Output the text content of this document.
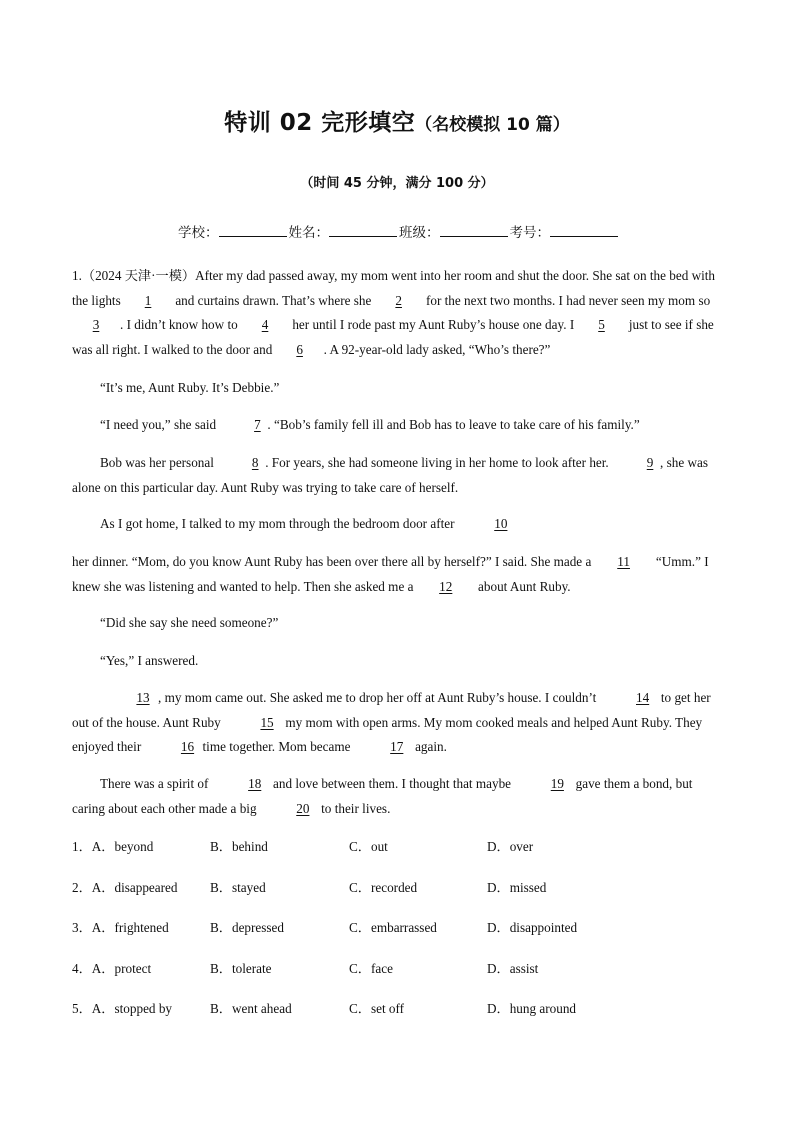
特训 02 完形填空（名校模拟 10 篇）
（时间 45 分钟，满分 100 分）
学校：	姓名：	班级：	考号：

1.（2024 天津·一模）After my dad passed away, my mom went into her room and shut the door. She sat on the bed with the lights 1 and curtains drawn. That’s where she 2 for the next two months. I had never seen my mom so 3 . I didn’t know how to 4 her until I rode past my Aunt Ruby’s house one day. I 5 just to see if she was all right. I walked to the door and 6 . A 92-year-old lady asked, “Who’s there?”

“It’s me, Aunt Ruby. It’s Debbie.”

“I need you,” she said	7 . “Bob’s family fell ill and Bob has to leave to take care of his family.”

Bob was her personal	8 . For years, she had someone living in her home to look after her.	9 , she was alone on this particular day. Aunt Ruby was trying to take care of herself.

As I got home, I talked to my mom through the bedroom door after	10

her dinner. “Mom, do you know Aunt Ruby has been over there all by herself?” I said. She made a 11 “Umm.” I knew she was listening and wanted to help. Then she asked me a 12 about Aunt Ruby.

“Did she say she need someone?”

“Yes,” I answered.

13 , my mom came out. She asked me to drop her off at Aunt Ruby’s house. I couldn’t	14 to get her out of the house. Aunt Ruby	15 my mom with open arms. My mom cooked meals and helped Aunt Ruby. They enjoyed their	16 time together. Mom became	17 again.

There was a spirit of	18 and love between them. I thought that maybe	19 gave them a bond, but caring about each other made a big	20 to their lives.

1．A．beyond	B．behind	C．out	D．over
2．A．disappeared B．stayed	C．recorded	D．missed
3．A．frightened	B．depressed	C．embarrassed	D．disappointed
4．A．protect	B．tolerate	C．face	D．assist
5．A．stopped by	B．went ahead	C．set off	D．hung around
